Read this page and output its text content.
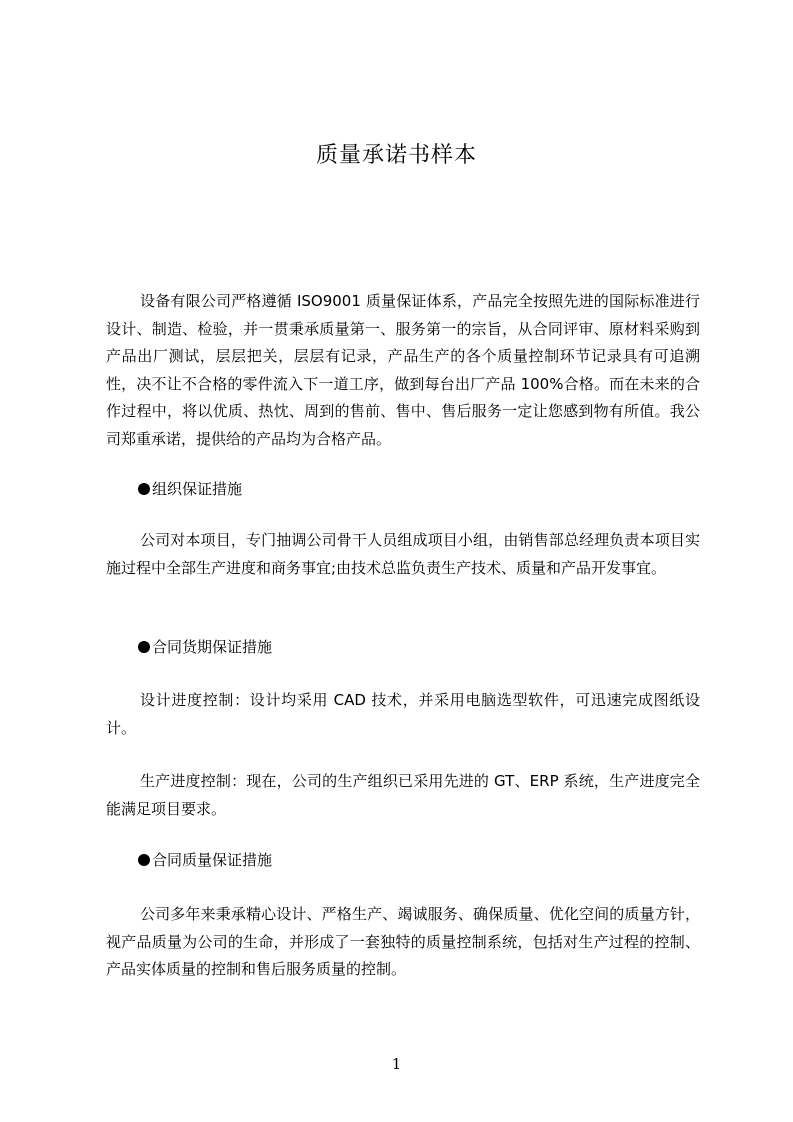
质量承诺书样本

设备有限公司严格遵循 ISO9001 质量保证体系，产品完全按照先进的国际标准进行设计、制造、检验，并一贯秉承质量第一、服务第一的宗旨，从合同评审、原材料采购到产品出厂测试，层层把关，层层有记录，产品生产的各个质量控制环节记录具有可追溯性，决不让不合格的零件流入下一道工序，做到每台出厂产品 100%合格。而在未来的合作过程中，将以优质、热忱、周到的售前、售中、售后服务一定让您感到物有所值。我公司郑重承诺，提供给的产品均为合格产品。

组织保证措施

公司对本项目，专门抽调公司骨干人员组成项目小组，由销售部总经理负责本项目实施过程中全部生产进度和商务事宜;由技术总监负责生产技术、质量和产品开发事宜。

合同货期保证措施

设计进度控制：设计均采用 CAD 技术，并采用电脑选型软件，可迅速完成图纸设计。

生产进度控制：现在，公司的生产组织已采用先进的 GT、ERP 系统，生产进度完全能满足项目要求。

合同质量保证措施

公司多年来秉承精心设计、严格生产、竭诚服务、确保质量、优化空间的质量方针，视产品质量为公司的生命，并形成了一套独特的质量控制系统，包括对生产过程的控制、产品实体质量的控制和售后服务质量的控制。

1
